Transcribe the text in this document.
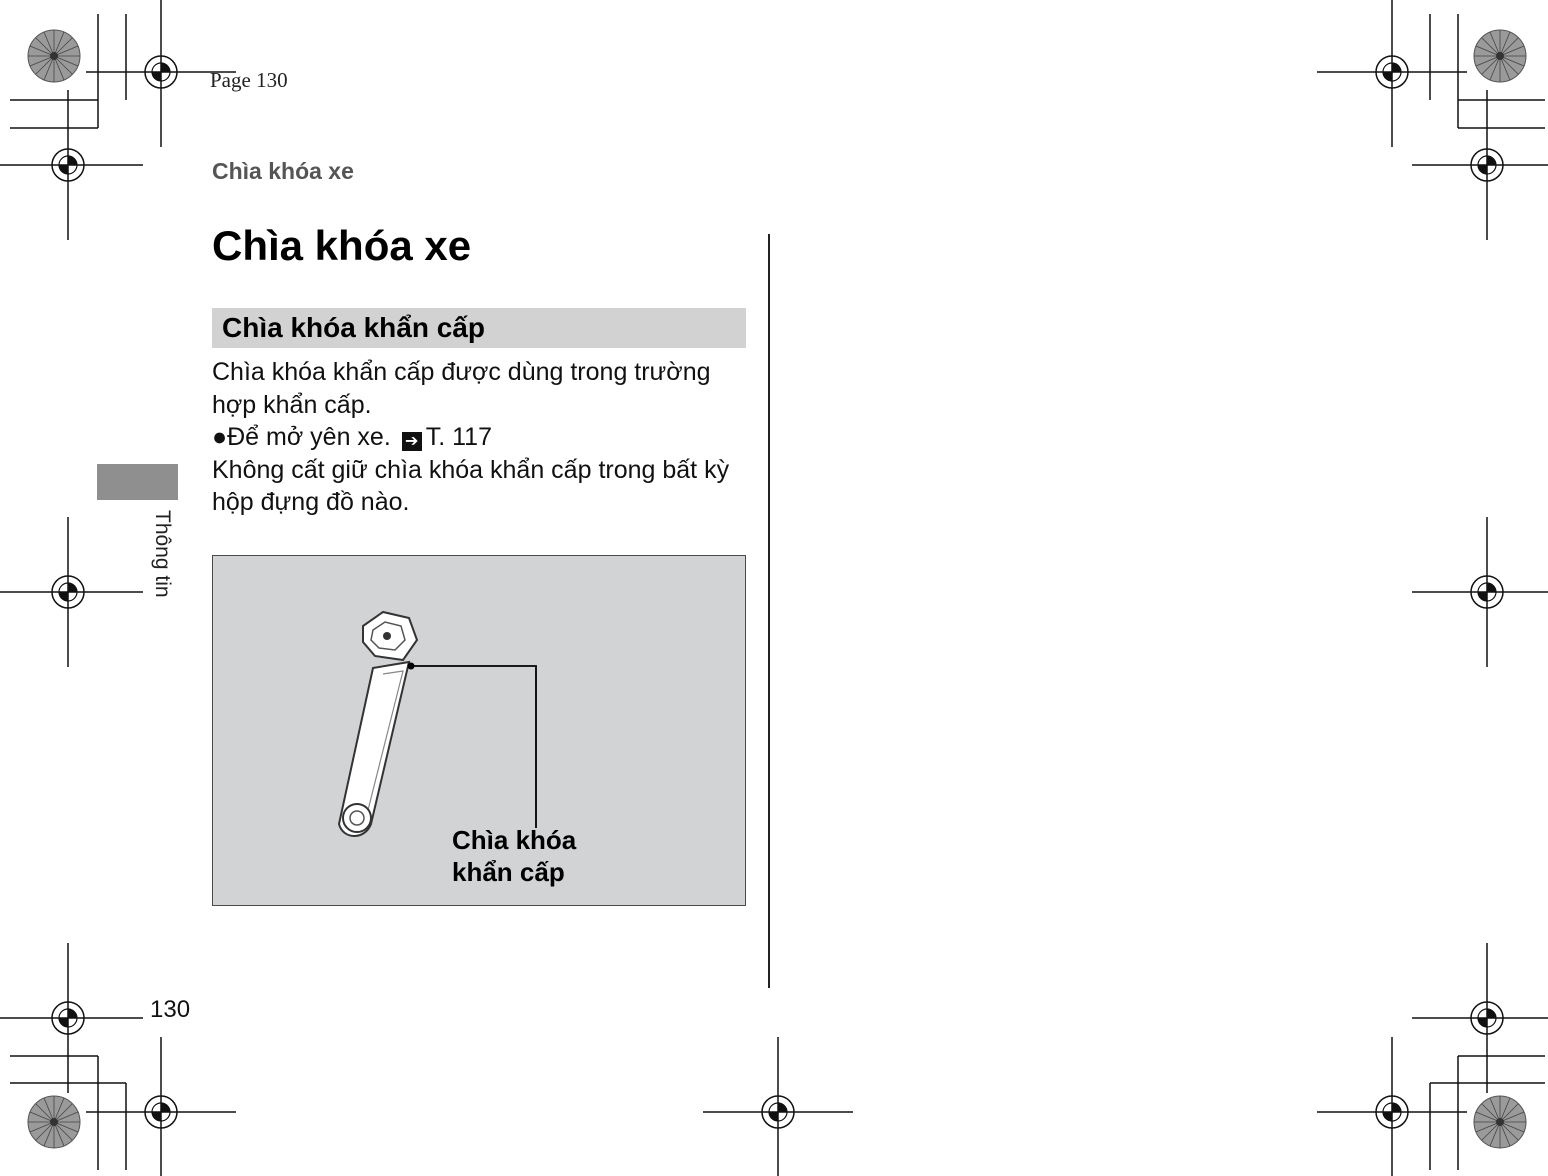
Page 130
Chìa khóa xe
Chìa khóa xe
Chìa khóa khẩn cấp

Chìa khóa khẩn cấp được dùng trong trường hợp khẩn cấp.

●Để mở yên xe. ➔ T. 117

Không cất giữ chìa khóa khẩn cấp trong bất kỳ hộp đựng đồ nào.

Chìa khóa
khẩn cấp
Thông tin
130
